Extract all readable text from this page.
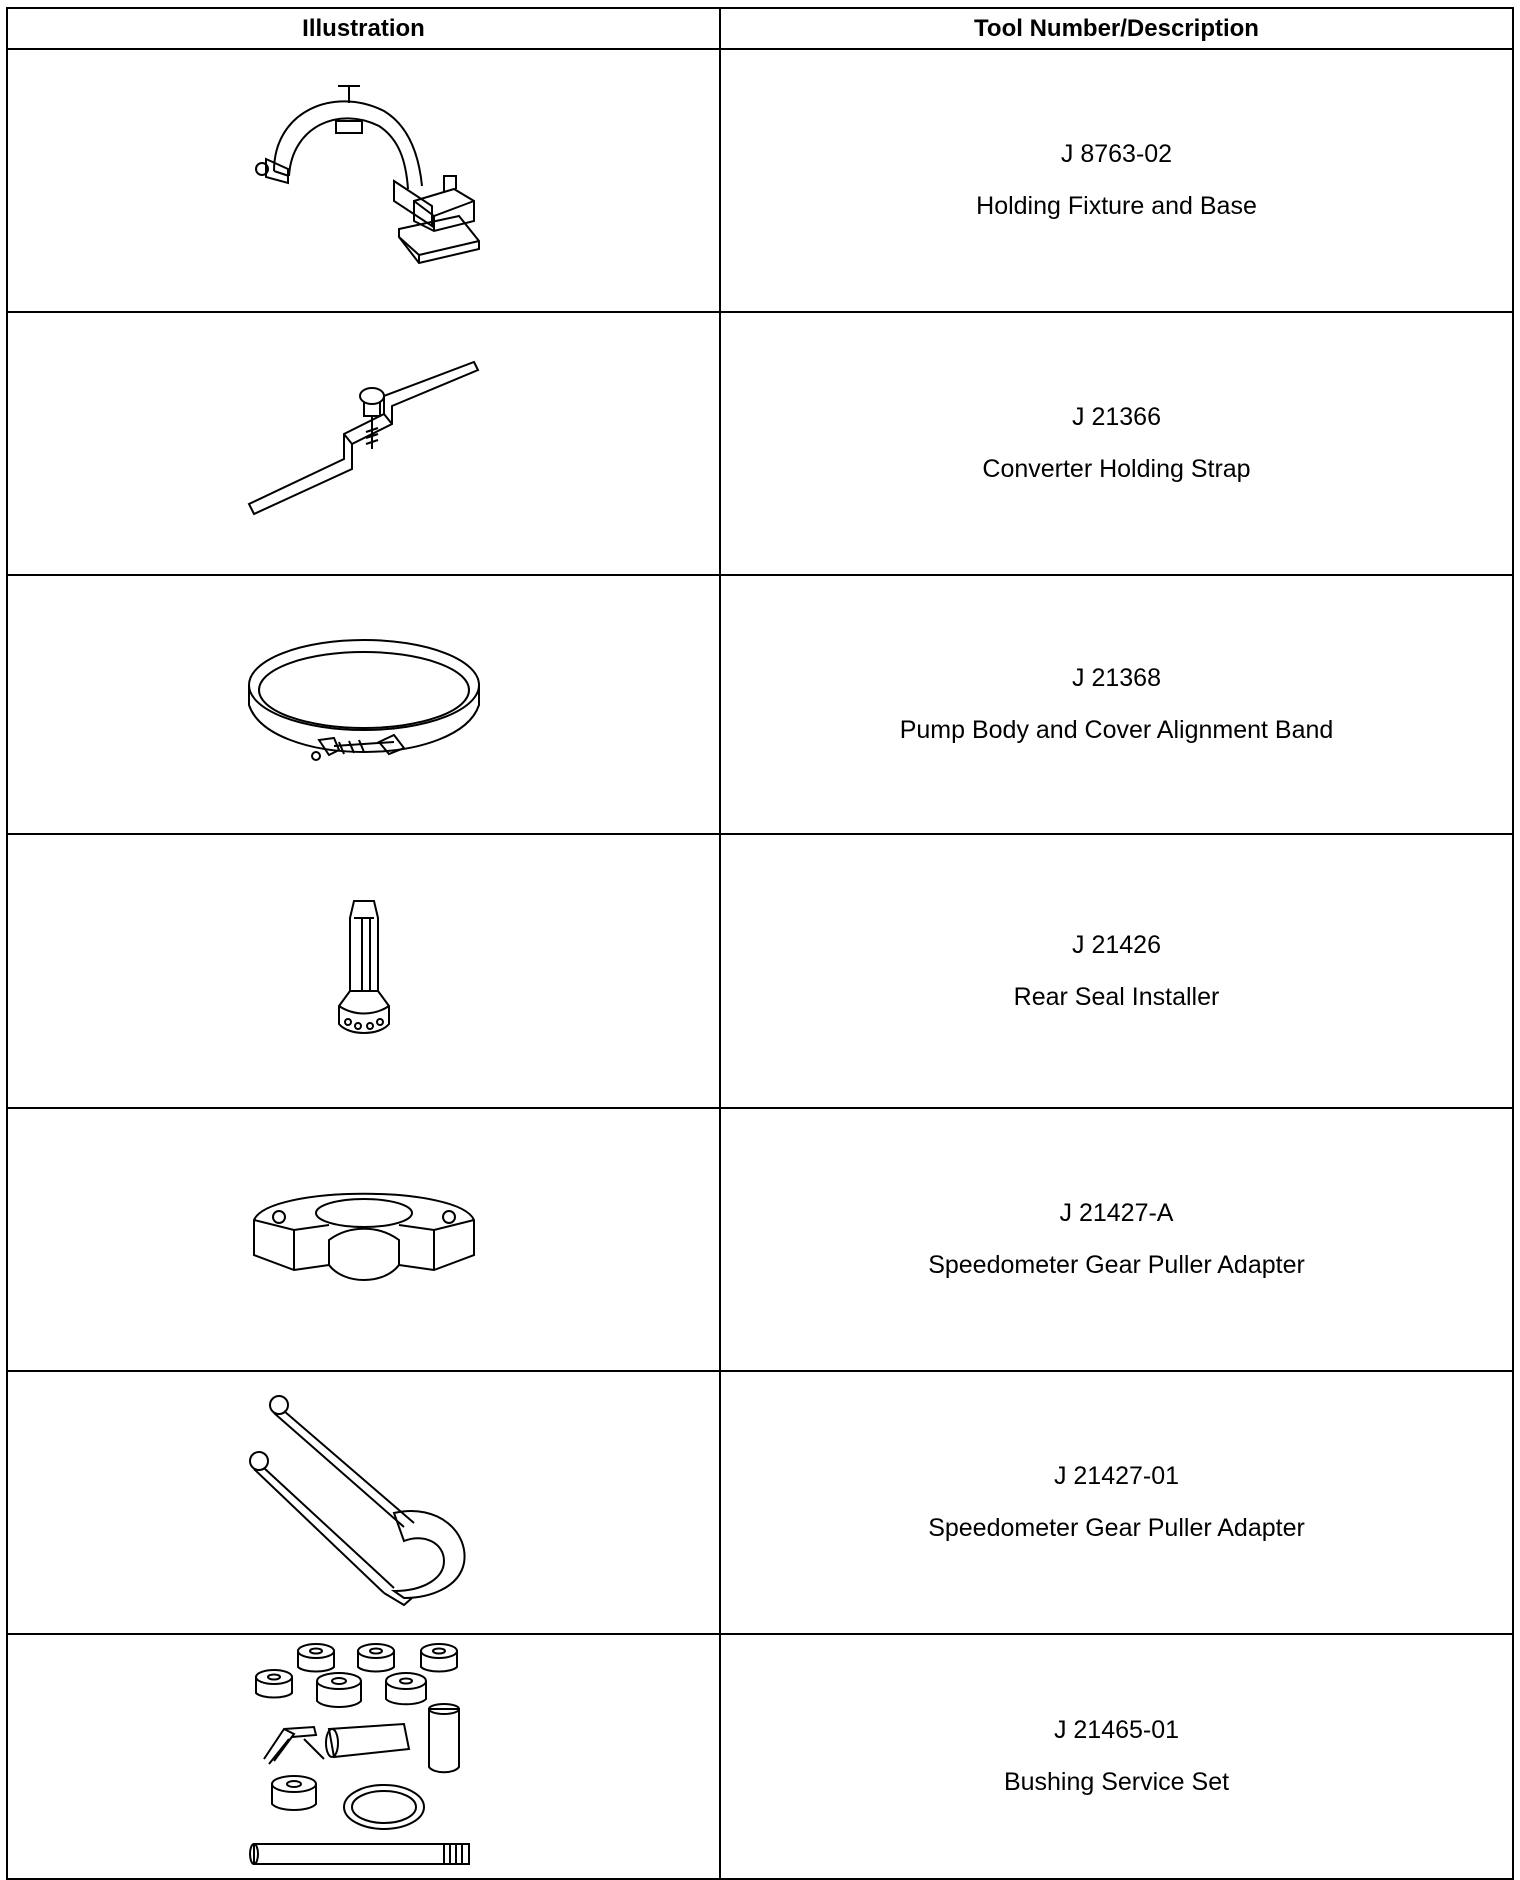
Illustration	Tool Number/Description

J 8763-02
Holding Fixture and Base

J 21366
Converter Holding Strap

J 21368
Pump Body and Cover Alignment Band

J 21426
Rear Seal Installer

J 21427-A
Speedometer Gear Puller Adapter

J 21427-01
Speedometer Gear Puller Adapter

J 21465-01
Bushing Service Set
